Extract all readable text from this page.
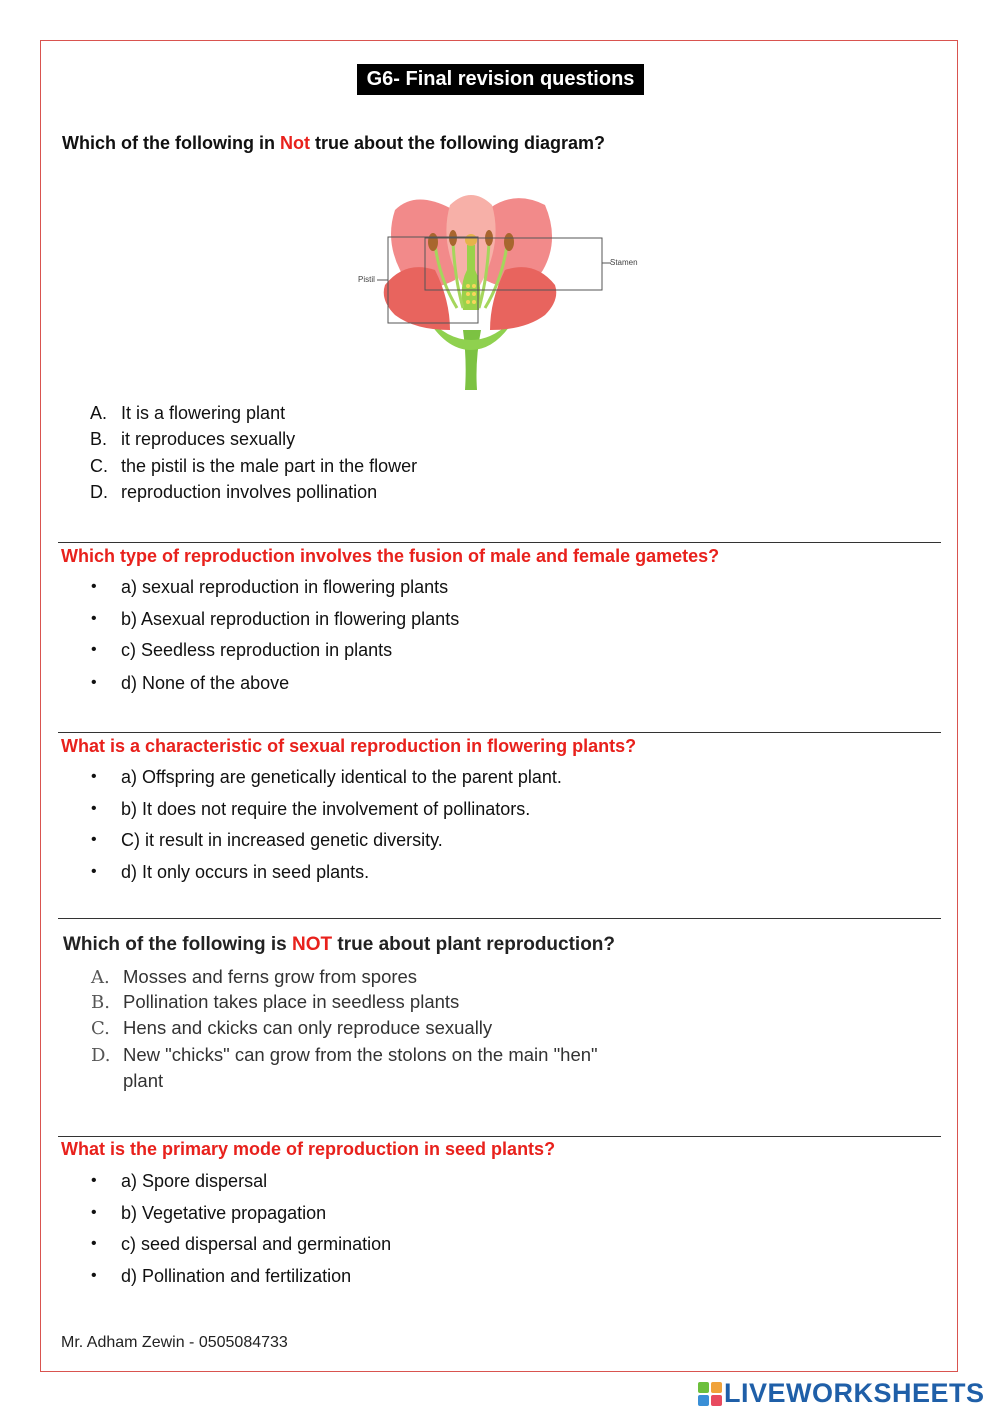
G6- Final revision questions
Which of the following in Not true about the following diagram?
Pistil
Stamen
A. It is a flowering plant
B. it reproduces sexually
C. the pistil is the male part in the flower
D. reproduction involves pollination
Which type of reproduction involves the fusion of male and female gametes?
• a) sexual reproduction in flowering plants
• b) Asexual reproduction in flowering plants
• c) Seedless reproduction in plants
• d) None of the above
What is a characteristic of sexual reproduction in flowering plants?
• a) Offspring are genetically identical to the parent plant.
• b) It does not require the involvement of pollinators.
• C) it result in increased genetic diversity.
• d) It only occurs in seed plants.
Which of the following is NOT true about plant reproduction?
A. Mosses and ferns grow from spores
B. Pollination takes place in seedless plants
C. Hens and ckicks can only reproduce sexually
D. New "chicks" can grow from the stolons on the main "hen"
plant
What is the primary mode of reproduction in seed plants?
• a) Spore dispersal
• b) Vegetative propagation
• c) seed dispersal and germination
• d) Pollination and fertilization
Mr. Adham Zewin - 0505084733
LIVEWORKSHEETS
